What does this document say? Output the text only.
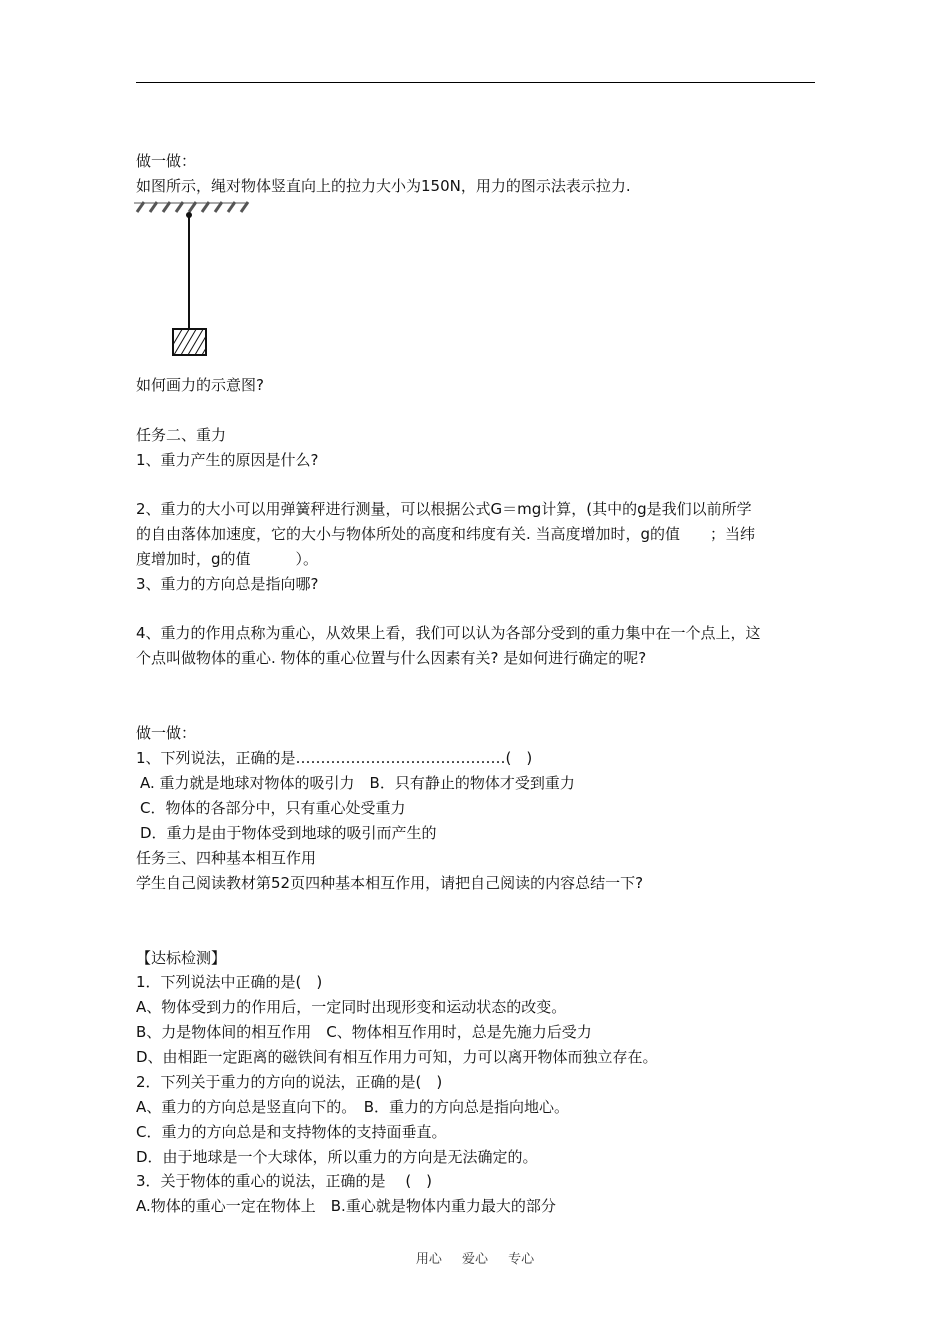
做一做：
如图所示，绳对物体竖直向上的拉力大小为150N，用力的图示法表示拉力.
如何画力的示意图?
任务二、重力
1、重力产生的原因是什么?
2、重力的大小可以用弹簧秤进行测量，可以根据公式G＝mg计算，(其中的g是我们以前所学
的自由落体加速度，它的大小与物体所处的高度和纬度有关. 当高度增加时，g的值　　；当纬
度增加时，g的值　　　）。
3、重力的方向总是指向哪?
4、重力的作用点称为重心，从效果上看，我们可以认为各部分受到的重力集中在一个点上，这
个点叫做物体的重心. 物体的重心位置与什么因素有关? 是如何进行确定的呢?
做一做：
1、下列说法，正确的是……………………………………(　)
A. 重力就是地球对物体的吸引力　B．只有静止的物体才受到重力
C．物体的各部分中，只有重心处受重力
D．重力是由于物体受到地球的吸引而产生的
任务三、四种基本相互作用
学生自己阅读教材第52页四种基本相互作用，请把自己阅读的内容总结一下?
【达标检测】
1．下列说法中正确的是(　)
A、物体受到力的作用后，一定同时出现形变和运动状态的改变。
B、力是物体间的相互作用　C、物体相互作用时，总是先施力后受力
D、由相距一定距离的磁铁间有相互作用力可知，力可以离开物体而独立存在。
2．下列关于重力的方向的说法，正确的是(　)
A、重力的方向总是竖直向下的。　B．重力的方向总是指向地心。
C．重力的方向总是和支持物体的支持面垂直。
D．由于地球是一个大球体，所以重力的方向是无法确定的。
3．关于物体的重心的说法，正确的是　 (　)
A.物体的重心一定在物体上　B.重心就是物体内重力最大的部分
用心 爱心 专心
